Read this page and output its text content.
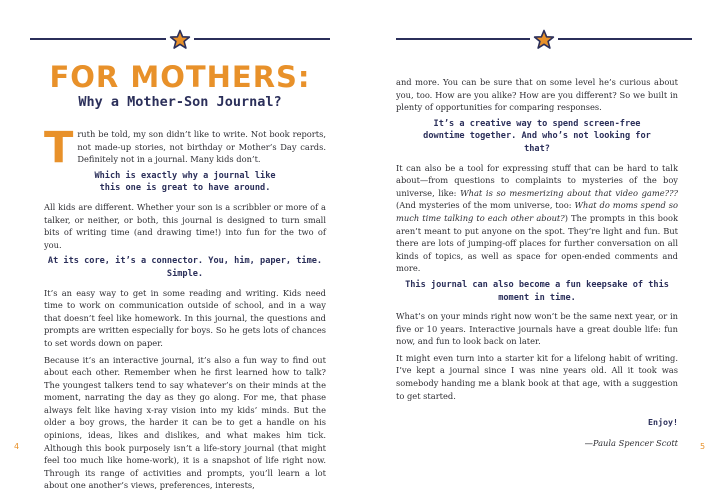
FOR MOTHERS:
Why a Mother-Son Journal?

Truth be told, my son didn’t like to write. Not book reports, not made-up stories, not birthday or Mother’s Day cards. Definitely not in a journal. Many kids don’t.

Which is exactly why a journal like this one is great to have around.

All kids are different. Whether your son is a scribbler or more of a talker, or neither, or both, this journal is designed to turn small bits of writing time (and drawing time!) into fun for the two of you.

At its core, it’s a connector. You, him, paper, time. Simple.

It’s an easy way to get in some reading and writing. Kids need time to work on communication outside of school, and in a way that doesn’t feel like homework. In this journal, the questions and prompts are written especially for boys. So he gets lots of chances to set words down on paper.

Because it’s an interactive journal, it’s also a fun way to find out about each other. Remember when he first learned how to talk? The youngest talkers tend to say whatever’s on their minds at the moment, narrating the day as they go along. For me, that phase always felt like having x-ray vision into my kids’ minds. But the older a boy grows, the harder it can be to get a handle on his opinions, ideas, likes and dislikes, and what makes him tick. Although this book purposely isn’t a life-story journal (that might feel too much like home-work), it is a snapshot of life right now. Through its range of activities and prompts, you’ll learn a lot about one another’s views, preferences, interests,

4

and more. You can be sure that on some level he’s curious about you, too. How are you alike? How are you different? So we built in plenty of opportunities for comparing responses.

It’s a creative way to spend screen-free downtime together. And who’s not looking for that?

It can also be a tool for expressing stuff that can be hard to talk about—from questions to complaints to mysteries of the boy universe, like: What is so mesmerizing about that video game??? (And mysteries of the mom universe, too: What do moms spend so much time talking to each other about?) The prompts in this book aren’t meant to put anyone on the spot. They’re light and fun. But there are lots of jumping-off places for further conversation on all kinds of topics, as well as space for open-ended comments and more.

This journal can also become a fun keepsake of this moment in time.

What’s on your minds right now won’t be the same next year, or in five or 10 years. Interactive journals have a great double life: fun now, and fun to look back on later.

It might even turn into a starter kit for a lifelong habit of writing. I’ve kept a journal since I was nine years old. All it took was somebody handing me a blank book at that age, with a suggestion to get started.

Enjoy!
—Paula Spencer Scott	5
